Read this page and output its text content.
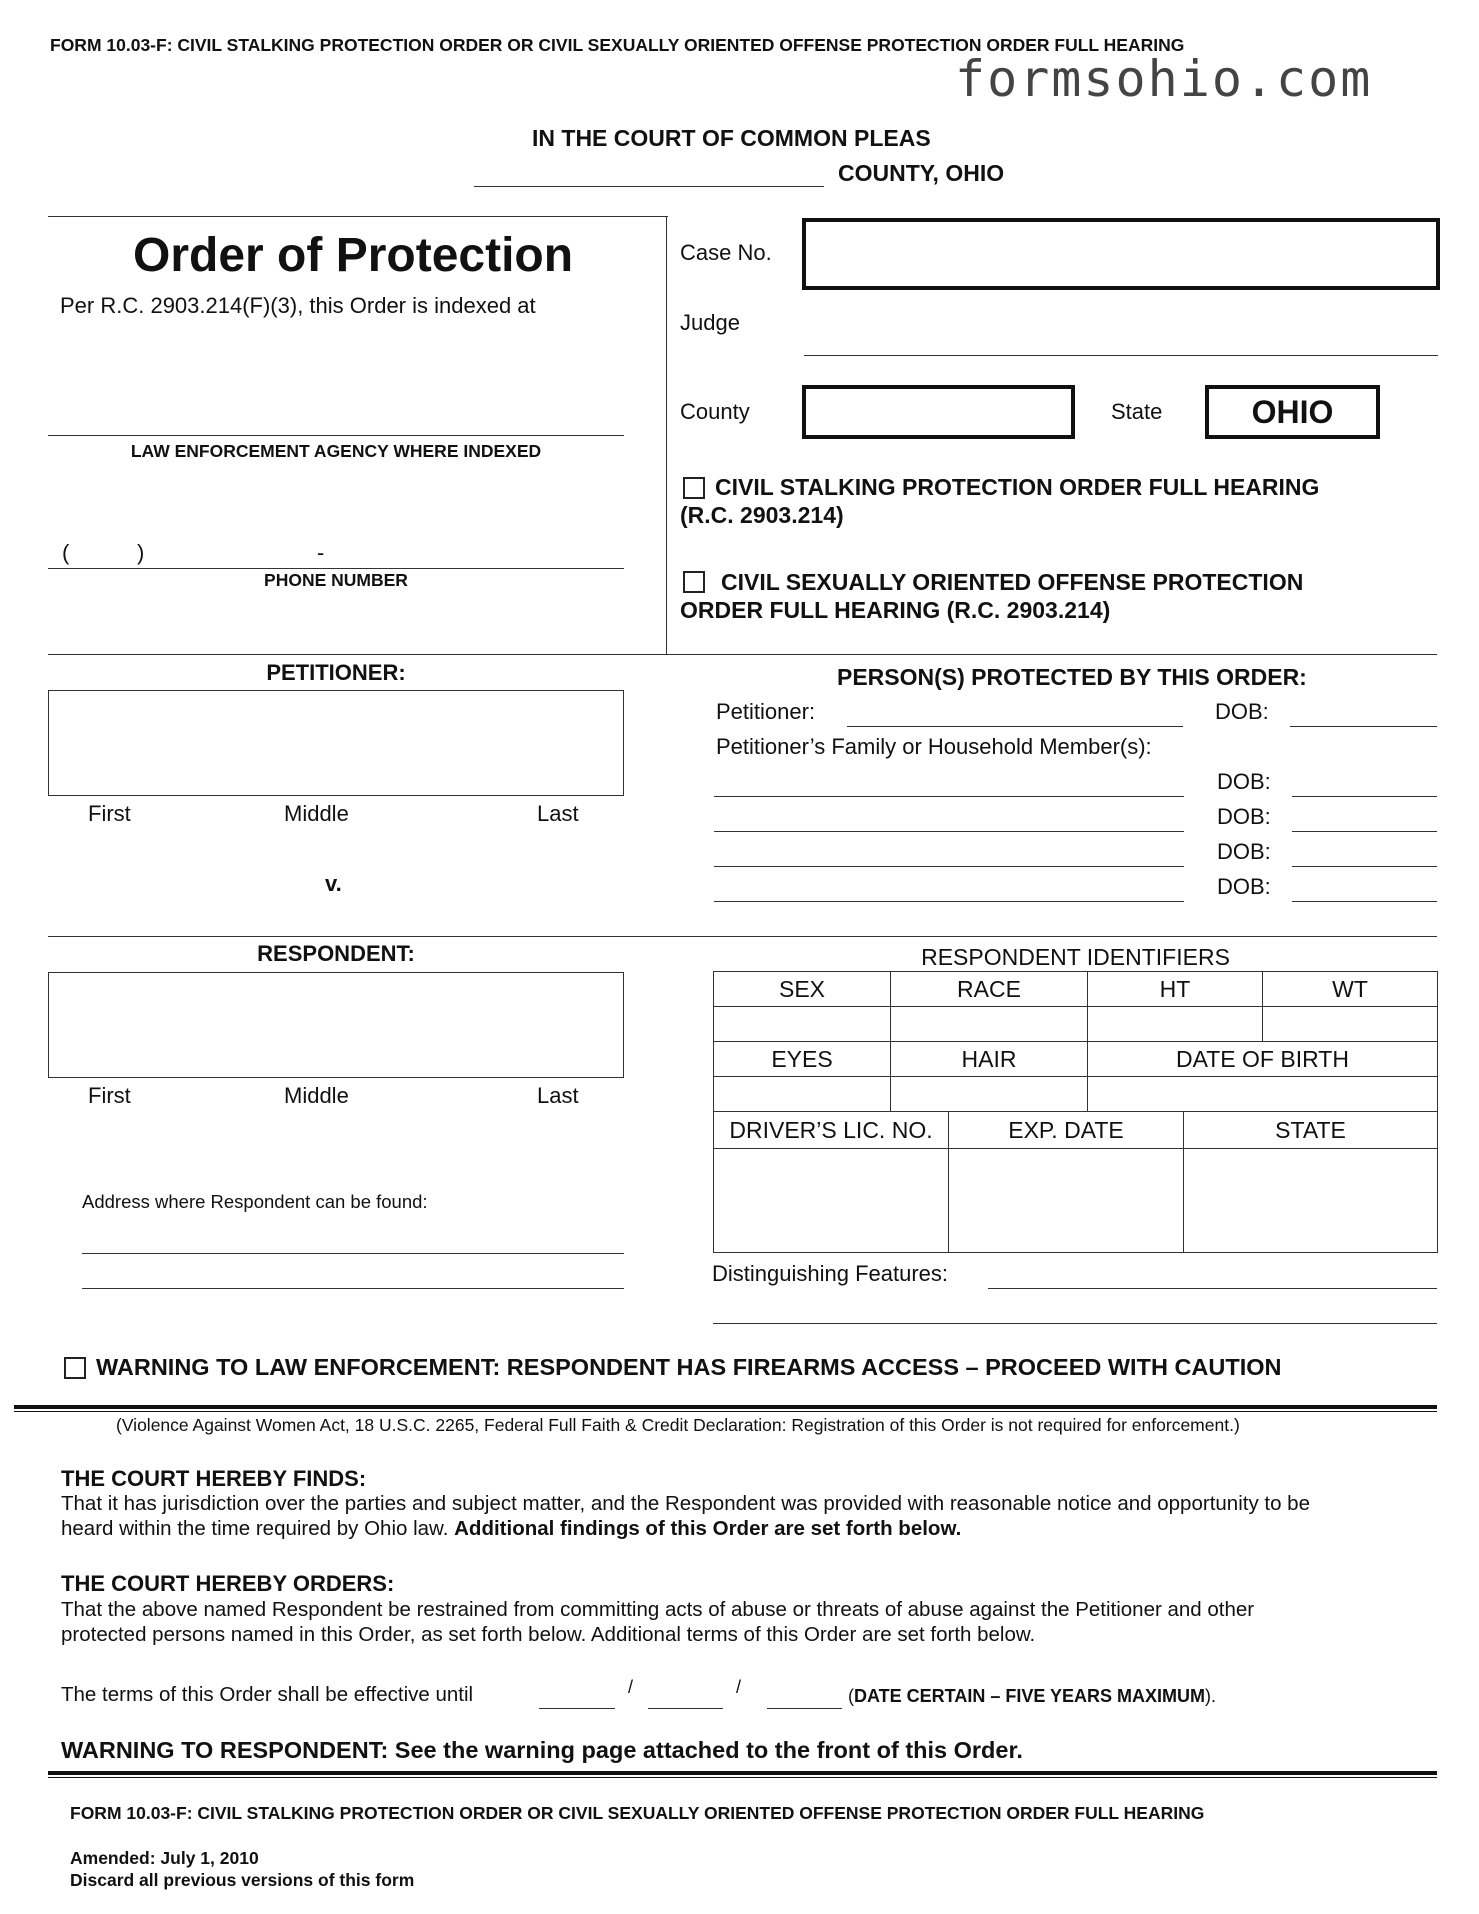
FORM 10.03-F: CIVIL STALKING PROTECTION ORDER OR CIVIL SEXUALLY ORIENTED OFFENSE PROTECTION ORDER FULL HEARING
formsohio.com
IN THE COURT OF COMMON PLEAS
COUNTY, OHIO
Order of Protection
Per R.C. 2903.214(F)(3), this Order is indexed at
LAW ENFORCEMENT AGENCY WHERE INDEXED
(	)	-
PHONE NUMBER
Case No.
Judge
County	State	OHIO
CIVIL STALKING PROTECTION ORDER FULL HEARING
(R.C. 2903.214)
CIVIL SEXUALLY ORIENTED OFFENSE PROTECTION
ORDER FULL HEARING (R.C. 2903.214)
PETITIONER:
First	Middle	Last
v.
PERSON(S) PROTECTED BY THIS ORDER:
Petitioner:	DOB:
Petitioner’s Family or Household Member(s):
DOB:
DOB:
DOB:
DOB:
RESPONDENT:
First	Middle	Last
Address where Respondent can be found:
RESPONDENT IDENTIFIERS
SEX	RACE	HT	WT

EYES	HAIR	DATE OF BIRTH	

DRIVER’S LIC. NO.	EXP. DATE	STATE

Distinguishing Features:
WARNING TO LAW ENFORCEMENT: RESPONDENT HAS FIREARMS ACCESS – PROCEED WITH CAUTION
(Violence Against Women Act, 18 U.S.C. 2265, Federal Full Faith & Credit Declaration: Registration of this Order is not required for enforcement.)
THE COURT HEREBY FINDS:
That it has jurisdiction over the parties and subject matter, and the Respondent was provided with reasonable notice and opportunity to be
heard within the time required by Ohio law. Additional findings of this Order are set forth below.
THE COURT HEREBY ORDERS:
That the above named Respondent be restrained from committing acts of abuse or threats of abuse against the Petitioner and other
protected persons named in this Order, as set forth below. Additional terms of this Order are set forth below.
The terms of this Order shall be effective until	/	/	(DATE CERTAIN – FIVE YEARS MAXIMUM).
WARNING TO RESPONDENT: See the warning page attached to the front of this Order.
FORM 10.03-F: CIVIL STALKING PROTECTION ORDER OR CIVIL SEXUALLY ORIENTED OFFENSE PROTECTION ORDER FULL HEARING
Amended: July 1, 2010
Discard all previous versions of this form
